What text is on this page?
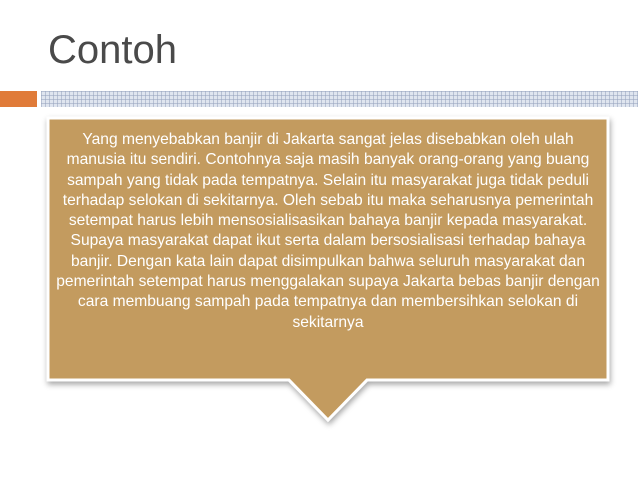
Contoh

Yang menyebabkan banjir di Jakarta sangat jelas disebabkan oleh ulah manusia itu sendiri. Contohnya saja masih banyak orang-orang yang buang sampah yang tidak pada tempatnya. Selain itu masyarakat juga tidak peduli terhadap selokan di sekitarnya. Oleh sebab itu maka seharusnya pemerintah setempat harus lebih mensosialisasikan bahaya banjir kepada masyarakat. Supaya masyarakat dapat ikut serta dalam bersosialisasi terhadap bahaya banjir. Dengan kata lain dapat disimpulkan bahwa seluruh masyarakat dan pemerintah setempat harus menggalakan supaya Jakarta bebas banjir dengan cara membuang sampah pada tempatnya dan membersihkan selokan di sekitarnya
